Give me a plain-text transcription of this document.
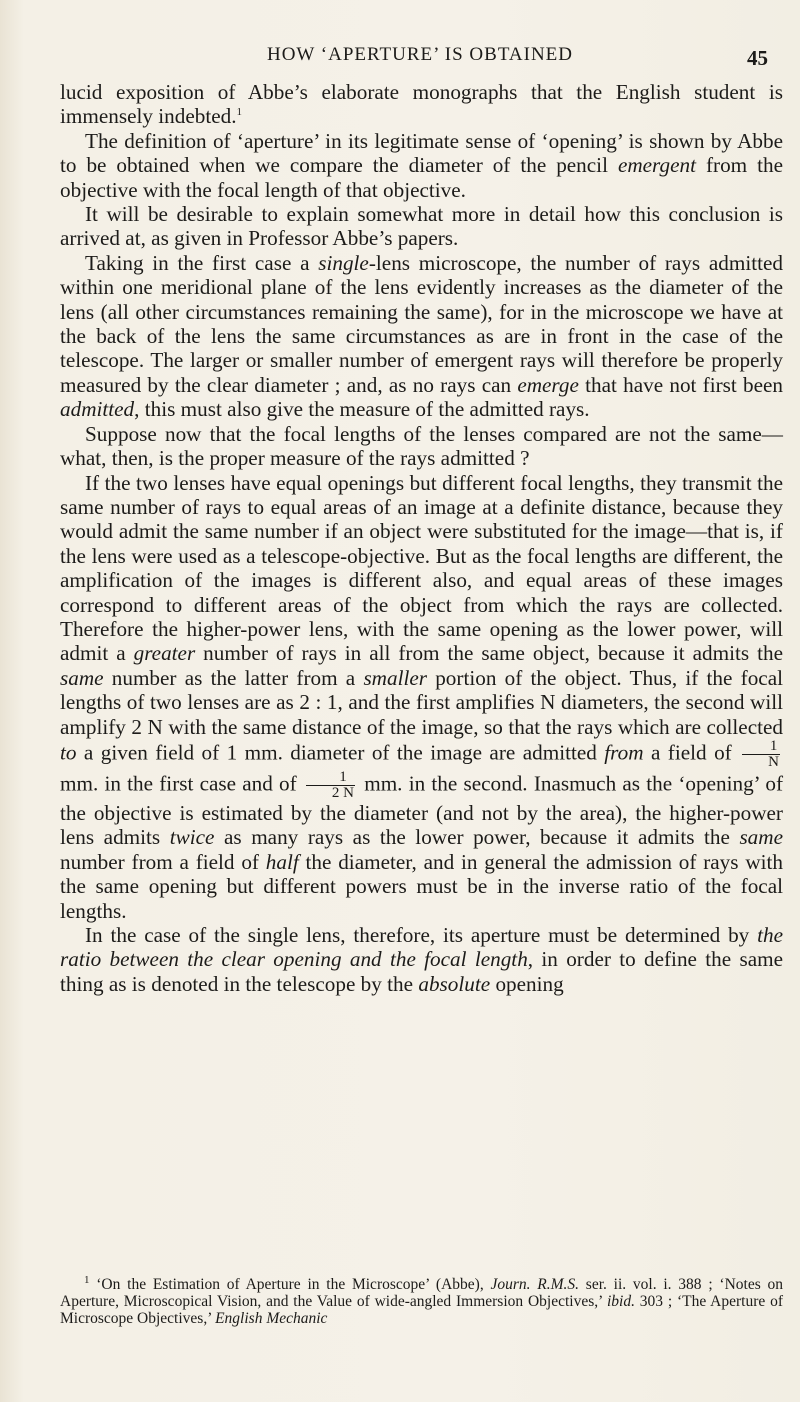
HOW ‘APERTURE’ IS OBTAINED	45

lucid exposition of Abbe’s elaborate monographs that the English student is immensely indebted.$^1$

The definition of ‘aperture’ in its legitimate sense of ‘opening’ is shown by Abbe to be obtained when we compare the diameter of the pencil emergent from the objective with the focal length of that objective.

It will be desirable to explain somewhat more in detail how this conclusion is arrived at, as given in Professor Abbe’s papers.

Taking in the first case a single-lens microscope, the number of rays admitted within one meridional plane of the lens evidently increases as the diameter of the lens (all other circumstances remaining the same), for in the microscope we have at the back of the lens the same circumstances as are in front in the case of the telescope. The larger or smaller number of emergent rays will therefore be properly measured by the clear diameter ; and, as no rays can emerge that have not first been admitted, this must also give the measure of the admitted rays.

Suppose now that the focal lengths of the lenses compared are not the same—what, then, is the proper measure of the rays admitted ?

If the two lenses have equal openings but different focal lengths, they transmit the same number of rays to equal areas of an image at a definite distance, because they would admit the same number if an object were substituted for the image—that is, if the lens were used as a telescope-objective. But as the focal lengths are different, the amplification of the images is different also, and equal areas of these images correspond to different areas of the object from which the rays are collected. Therefore the higher-power lens, with the same opening as the lower power, will admit a greater number of rays in all from the same object, because it admits the same number as the latter from a smaller portion of the object. Thus, if the focal lengths of two lenses are as 2 : 1, and the first amplifies N diameters, the second will amplify 2 N with the same distance of the image, so that the rays which are collected to a given field of 1 mm. diameter of the image are admitted from a field of $\frac{1}{N}$
mm. in the first case and of $\frac{1}{2 N}$ mm. in the second. Inasmuch as the ‘opening’ of the objective is estimated by the diameter (and not by the area), the higher-power lens admits twice as many rays as the lower power, because it admits the same number from a field of half the diameter, and in general the admission of rays with the same opening but different powers must be in the inverse ratio of the focal lengths.

In the case of the single lens, therefore, its aperture must be determined by the ratio between the clear opening and the focal length, in order to define the same thing as is denoted in the telescope by the absolute opening

$^1$ ‘On the Estimation of Aperture in the Microscope’ (Abbe), Journ. R.M.S. ser. ii. vol. i. 388 ; ‘Notes on Aperture, Microscopical Vision, and the Value of wide-angled Immersion Objectives,’ ibid. 303 ; ‘The Aperture of Microscope Objectives,’ English Mechanic
